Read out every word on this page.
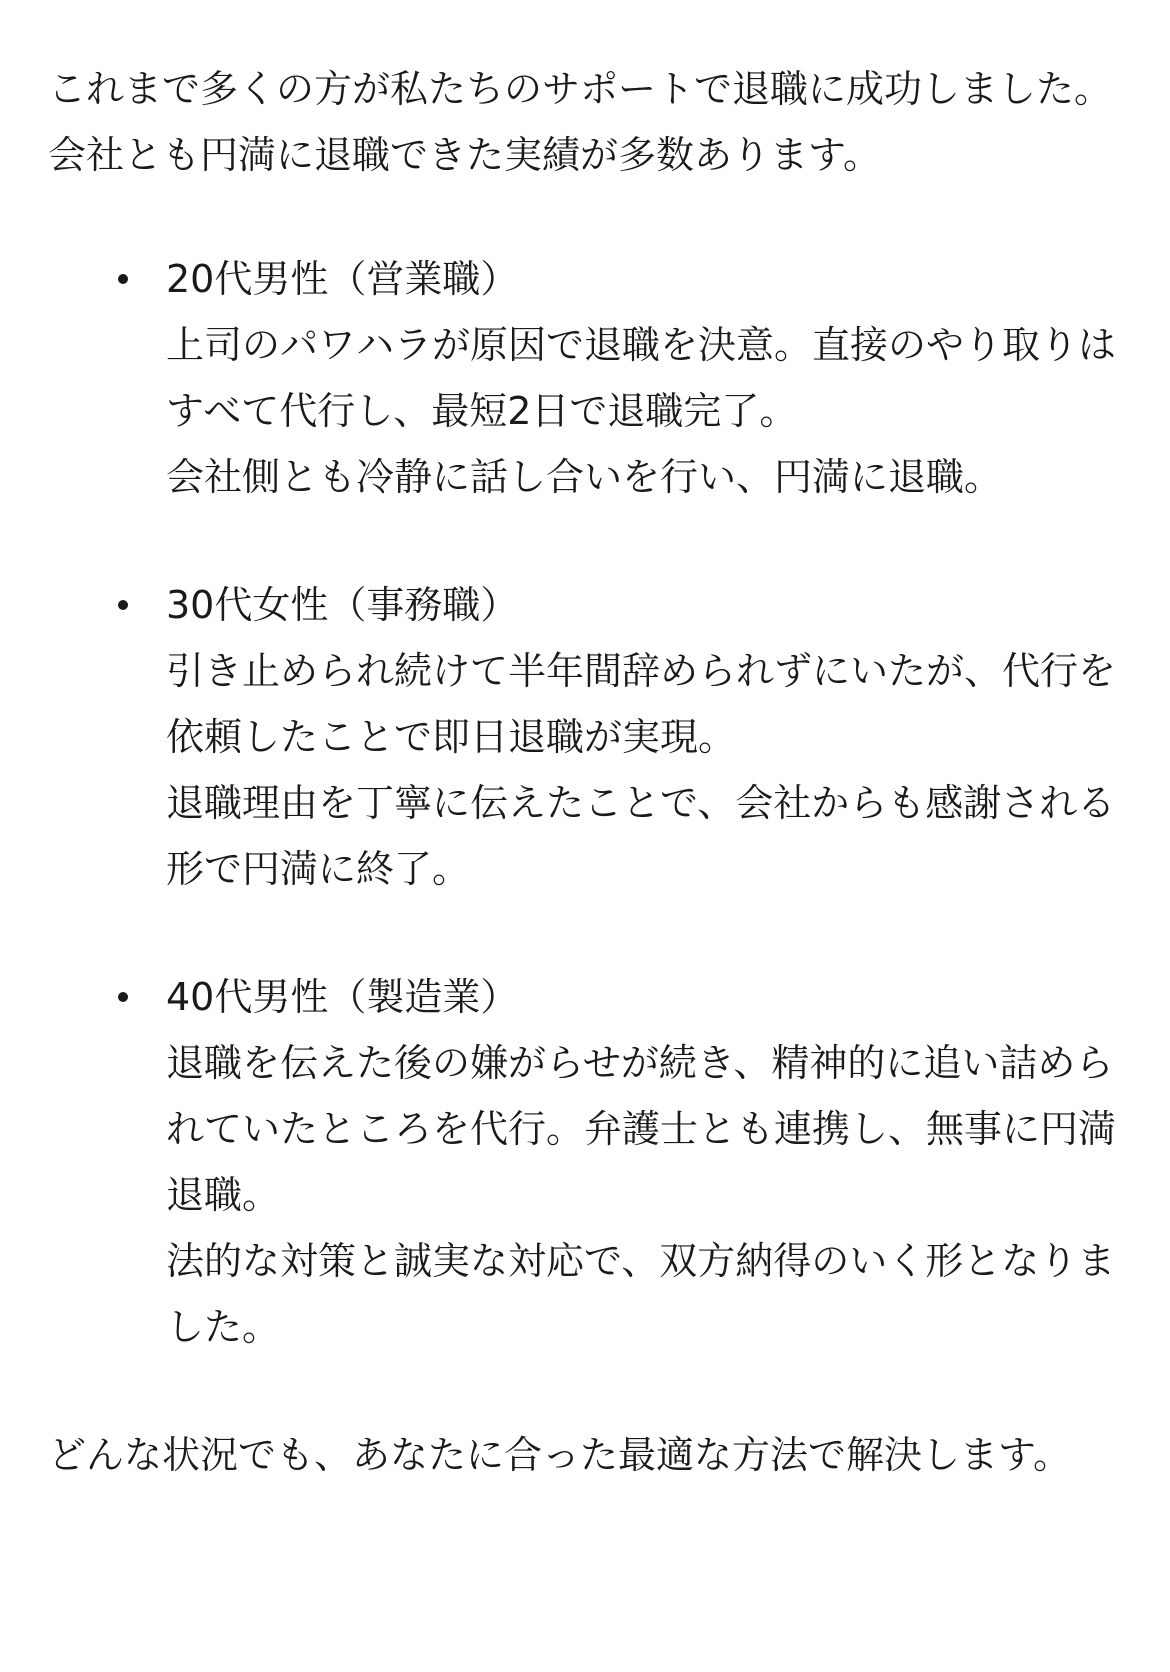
これまで多くの方が私たちのサポートで退職に成功しました。

会社とも円満に退職できた実績が多数あります。

20代男性（営業職）
上司のパワハラが原因で退職を決意。直接のやり取りはすべて代行し、最短2日で退職完了。
会社側とも冷静に話し合いを行い、円満に退職。
30代女性（事務職）
引き止められ続けて半年間辞められずにいたが、代行を依頼したことで即日退職が実現。
退職理由を丁寧に伝えたことで、会社からも感謝される形で円満に終了。
40代男性（製造業）
退職を伝えた後の嫌がらせが続き、精神的に追い詰められていたところを代行。弁護士とも連携し、無事に円満退職。
法的な対策と誠実な対応で、双方納得のいく形となりました。

どんな状況でも、あなたに合った最適な方法で解決します。
